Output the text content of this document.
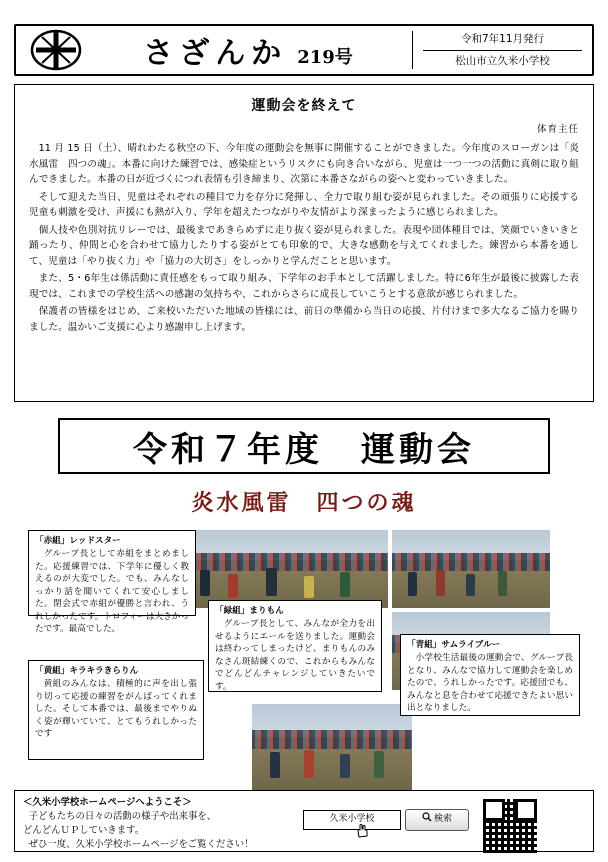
さざんか 219号
令和7年11月発行
松山市立久米小学校
運動会を終えて
体育主任

11 月 15 日（土）、晴れわたる秋空の下、今年度の運動会を無事に開催することができました。今年度のスローガンは「炎水風雷　四つの魂」。本番に向けた練習では、感染症というリスクにも向き合いながら、児童は一つ一つの活動に真剣に取り組んできました。本番の日が近づくにつれ表情も引き締まり、次第に本番さながらの姿へと変わっていきました。

そして迎えた当日、児童はそれぞれの種目で力を存分に発揮し、全力で取り組む姿が見られました。その頑張りに応援する児童も刺激を受け、声援にも熱が入り、学年を超えたつながりや友情がより深まったように感じられました。

個人技や色別対抗リレーでは、最後まであきらめずに走り抜く姿が見られました。表現や団体種目では、笑顔でいきいきと踊ったり、仲間と心を合わせて協力したりする姿がとても印象的で、大きな感動を与えてくれました。練習から本番を通して、児童は「やり抜く力」や「協力の大切さ」をしっかりと学んだことと思います。

また、5・6年生は係活動に責任感をもって取り組み、下学年のお手本として活躍しました。特に6年生が最後に披露した表現では、これまでの学校生活への感謝の気持ちや、これからさらに成長していこうとする意欲が感じられました。

保護者の皆様をはじめ、ご来校いただいた地域の皆様には、前日の準備から当日の応援、片付けまで多大なるご協力を賜りました。温かいご支援に心より感謝申し上げます。

令和７年度　運動会
炎水風雷　四つの魂
「赤組」レッドスター

グループ長として赤組をまとめました。応援練習では、下学年に優しく教えるのが大変でした。でも、みんなしっかり話を聞いてくれて安心しました。閉会式で赤組が優勝と言われ、うれしかったです。トロフィーは大きかったです。最高でした。

「緑組」まりもん

グループ長として、みんなが全力を出せるようにエールを送りました。運動会は終わってしまったけど、まりもんのみなさん斑結練くので、これからもみんなでどんどんチャレンジしていきたいです。

「青組」サムライブルー

小学校生活最後の運動会で、グループ長となり、みんなで協力して運動会を楽しめたので、うれしかったです。応援団でも、みんなと息を合わせて応援できたよい思い出となりました。

「黄組」キラキラきらりん

黄組のみんなは、積極的に声を出し張り切って応援の練習をがんばってくれました。そして本番では、最後までやりぬく姿が輝いていて、とてもうれしかったです

＜久米小学校ホームページへようこそ＞
子どもたちの日々の活動の様子や出来事を、
どんどんＵＰしていきます。
ぜひ一度、久米小学校ホームページをご覧ください！
久米小学校	検索
